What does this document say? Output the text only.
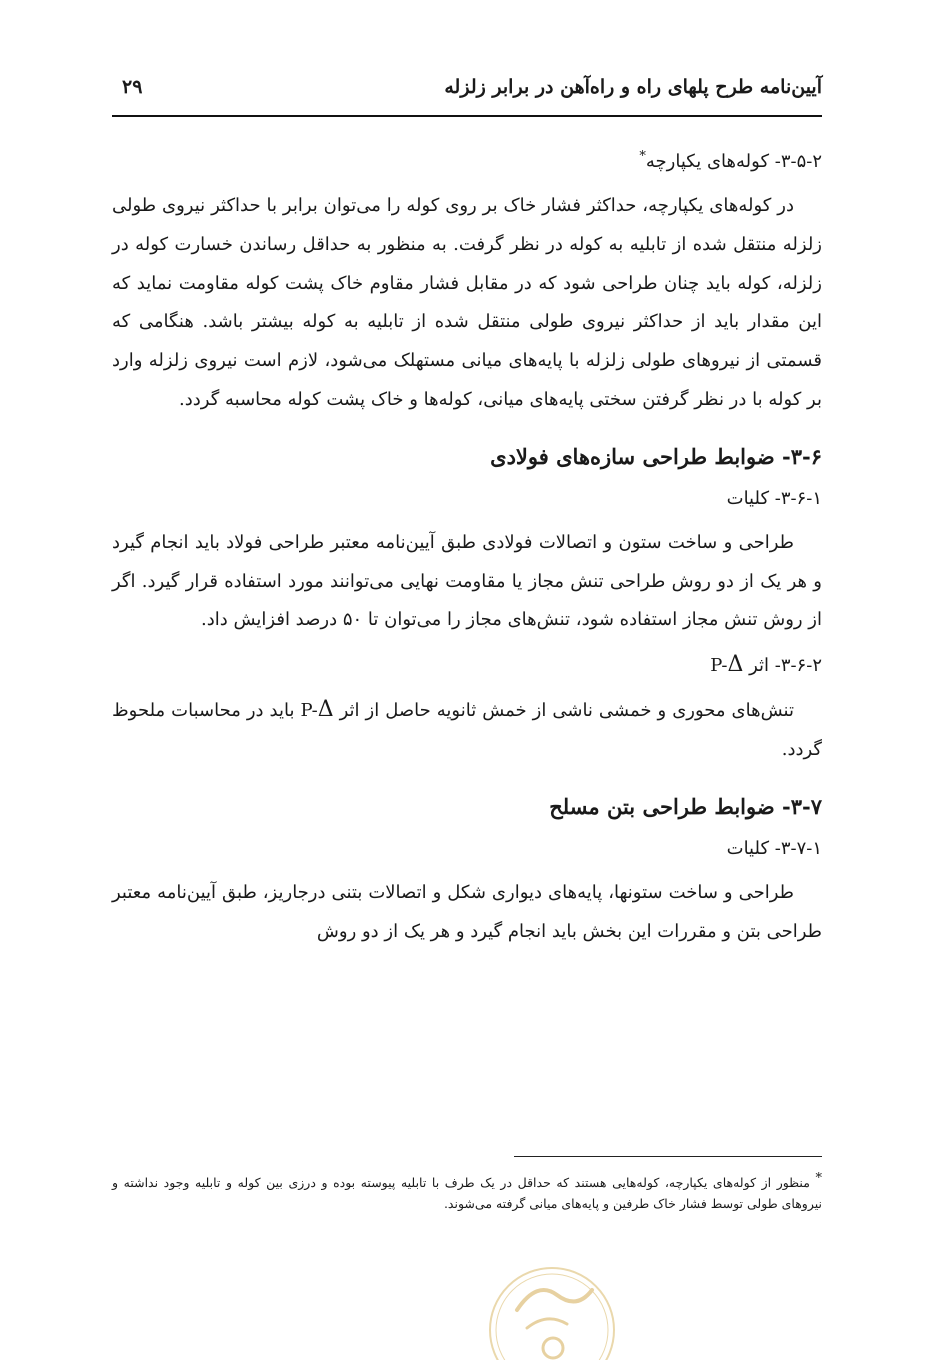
آیین‌نامه طرح پلهای راه و راه‌آهن در برابر زلزله
۲۹
۳-۵-۲- کوله‌های یکپارچه*

در کوله‌های یکپارچه، حداکثر فشار خاک بر روی کوله را می‌توان برابر با حداکثر نیروی طولی زلزله منتقل شده از تابلیه به کوله در نظر گرفت. به منظور به حداقل رساندن خسارت کوله در زلزله، کوله باید چنان طراحی شود که در مقابل فشار مقاوم خاک پشت کوله مقاومت نماید که این مقدار باید از حداکثر نیروی طولی منتقل شده از تابلیه به کوله بیشتر باشد. هنگامی که قسمتی از نیروهای طولی زلزله با پایه‌های میانی مستهلک می‌شود، لازم است نیروی زلزله وارد بر کوله با در نظر گرفتن سختی پایه‌های میانی، کوله‌ها و خاک پشت کوله محاسبه گردد.

۳-۶- ضوابط طراحی سازه‌های فولادی
۳-۶-۱- کلیات

طراحی و ساخت ستون و اتصالات فولادی طبق آیین‌نامه معتبر طراحی فولاد باید انجام گیرد و هر یک از دو روش طراحی تنش مجاز یا مقاومت نهایی می‌توانند مورد استفاده قرار گیرد. اگر از روش تنش مجاز استفاده شود، تنش‌های مجاز را می‌توان تا ۵۰ درصد افزایش داد.

۳-۶-۲- اثر P-Δ

تنش‌های محوری و خمشی ناشی از خمش ثانویه حاصل از اثر P-Δ باید در محاسبات ملحوظ گردد.

۳-۷- ضوابط طراحی بتن مسلح
۳-۷-۱- کلیات

طراحی و ساخت ستونها، پایه‌های دیواری شکل و اتصالات بتنی درجاریز، طبق آیین‌نامه معتبر طراحی بتن و مقررات این بخش باید انجام گیرد و هر یک از دو روش

* منظور از کوله‌های یکپارچه، کوله‌هایی هستند که حداقل در یک طرف با تابلیه پیوسته بوده و درزی بین کوله و تابلیه وجود نداشته و نیروهای طولی توسط فشار خاک طرفین و پایه‌های میانی گرفته می‌شوند.
